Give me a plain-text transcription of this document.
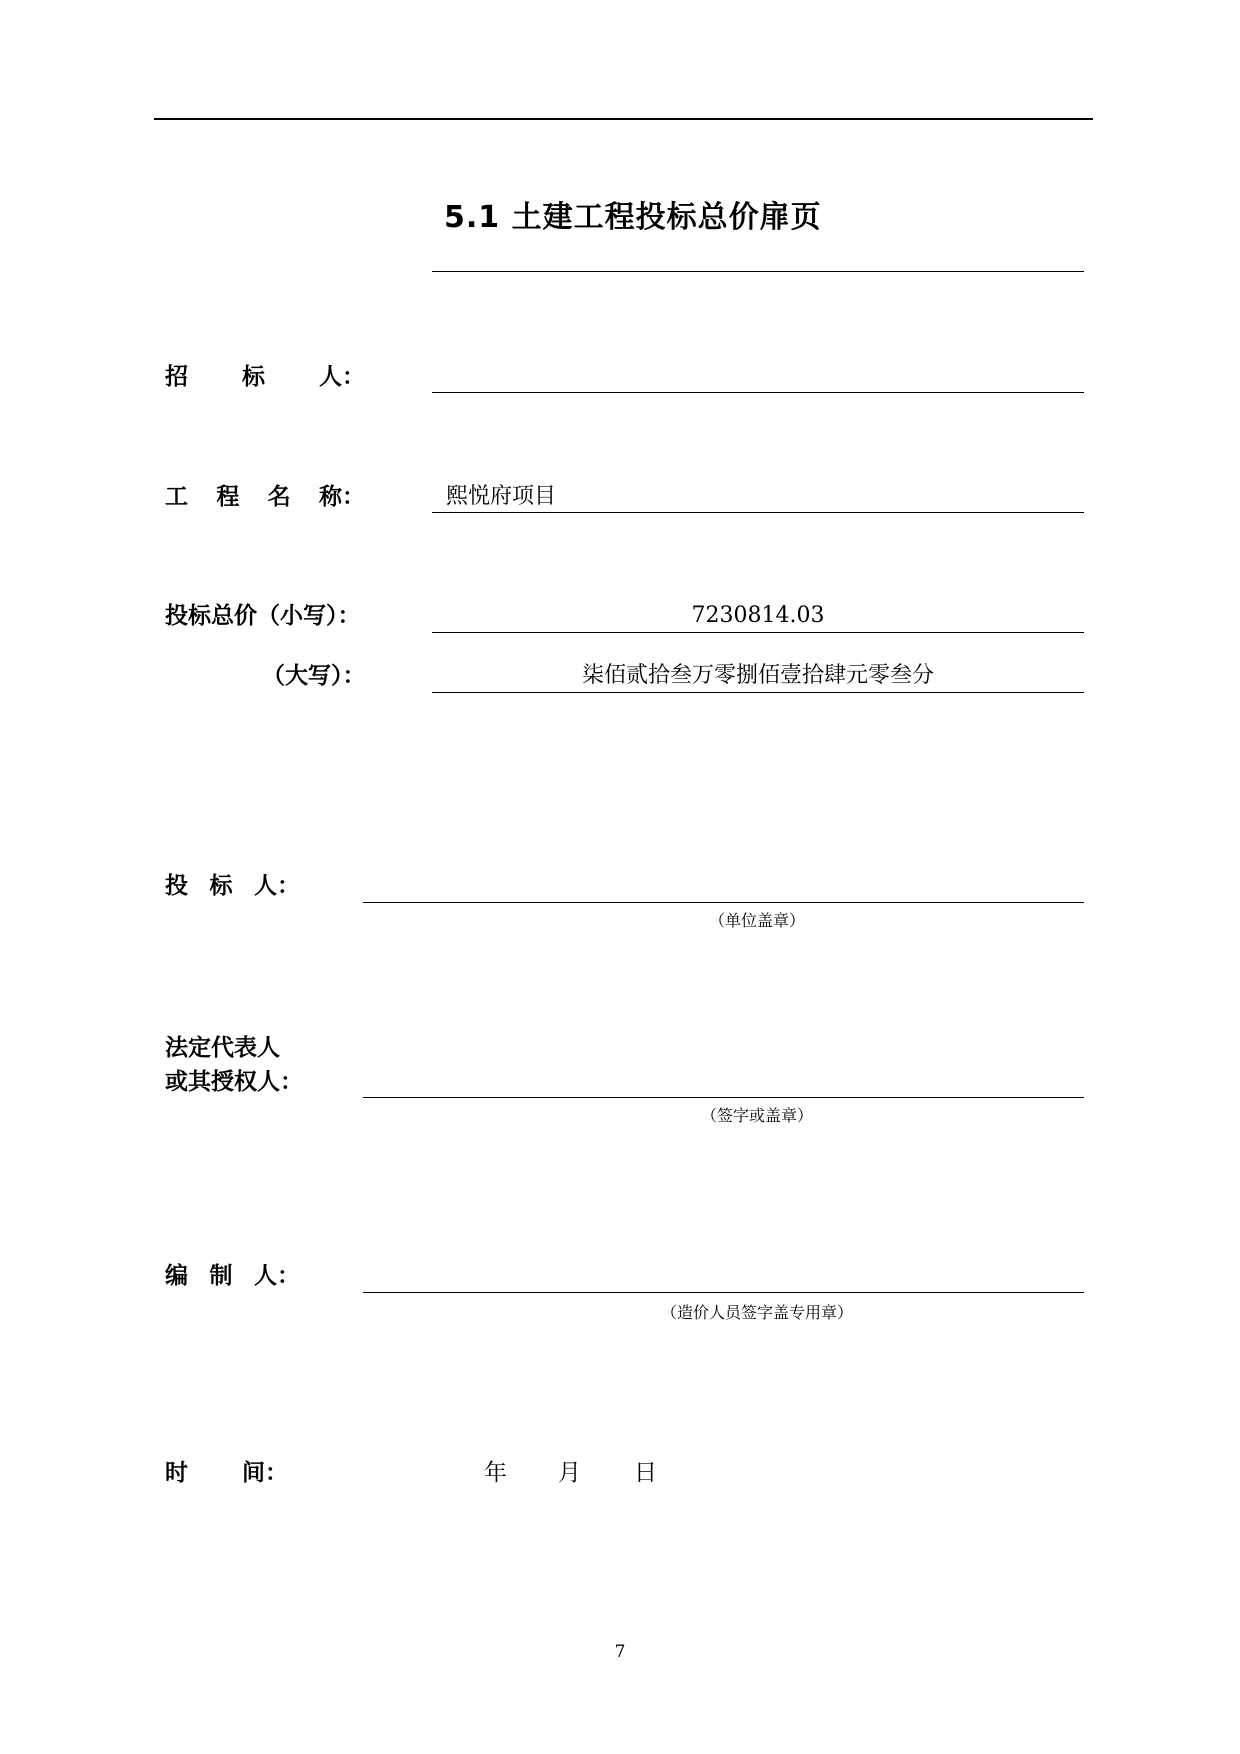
5.1 土建工程投标总价扉页
招 标 人：
工 程 名 称：	熙悦府项目
投标总价（小写）：	7230814.03
（大写）：	柒佰贰拾叁万零捌佰壹拾肆元零叁分
投 标 人：
（单位盖章）
法定代表人
或其授权人：
（签字或盖章）
编 制 人：
（造价人员签字盖专用章）
时 间：	年 月 日
7
